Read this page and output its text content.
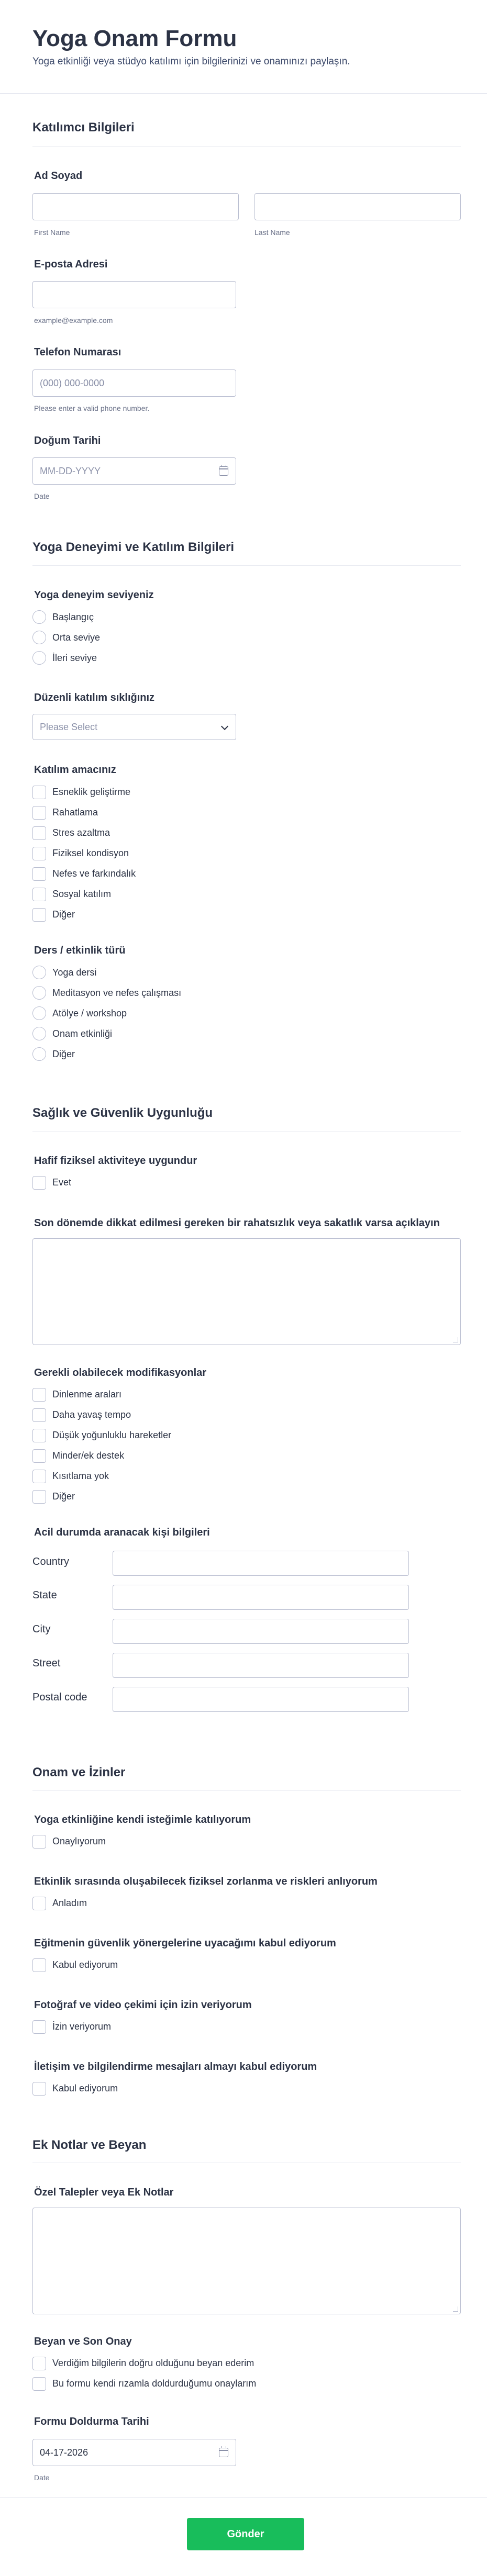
Yoga Onam Formu
Yoga etkinliği veya stüdyo katılımı için bilgilerinizi ve onamınızı paylaşın.
Katılımcı Bilgileri
Ad Soyad
First Name	Last Name
E-posta Adresi
example@example.com
Telefon Numarası
(000) 000-0000
Please enter a valid phone number.
Doğum Tarihi
MM-DD-YYYY
Date
Yoga Deneyimi ve Katılım Bilgileri
Yoga deneyim seviyeniz
Başlangıç
Orta seviye
İleri seviye
Düzenli katılım sıklığınız
Please Select
Katılım amacınız
Esneklik geliştirme
Rahatlama
Stres azaltma
Fiziksel kondisyon
Nefes ve farkındalık
Sosyal katılım
Diğer
Ders / etkinlik türü
Yoga dersi
Meditasyon ve nefes çalışması
Atölye / workshop
Onam etkinliği
Diğer
Sağlık ve Güvenlik Uygunluğu
Hafif fiziksel aktiviteye uygundur
Evet
Son dönemde dikkat edilmesi gereken bir rahatsızlık veya sakatlık varsa açıklayın
Gerekli olabilecek modifikasyonlar
Dinlenme araları
Daha yavaş tempo
Düşük yoğunluklu hareketler
Minder/ek destek
Kısıtlama yok
Diğer
Acil durumda aranacak kişi bilgileri
Country
State
City
Street
Postal code
Onam ve İzinler
Yoga etkinliğine kendi isteğimle katılıyorum
Onaylıyorum
Etkinlik sırasında oluşabilecek fiziksel zorlanma ve riskleri anlıyorum
Anladım
Eğitmenin güvenlik yönergelerine uyacağımı kabul ediyorum
Kabul ediyorum
Fotoğraf ve video çekimi için izin veriyorum
İzin veriyorum
İletişim ve bilgilendirme mesajları almayı kabul ediyorum
Kabul ediyorum
Ek Notlar ve Beyan
Özel Talepler veya Ek Notlar
Beyan ve Son Onay
Verdiğim bilgilerin doğru olduğunu beyan ederim
Bu formu kendi rızamla doldurduğumu onaylarım
Formu Doldurma Tarihi
04-17-2026
Date
Gönder
